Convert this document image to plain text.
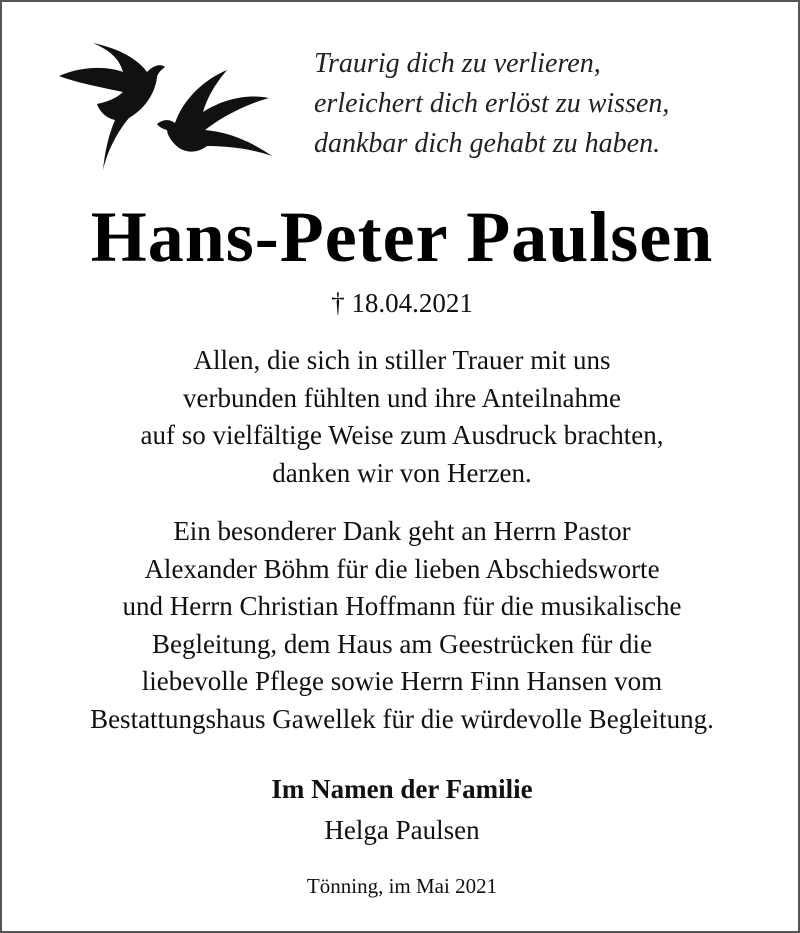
Traurig dich zu verlieren,
erleichert dich erlöst zu wissen,
dankbar dich gehabt zu haben.
Hans-Peter Paulsen
† 18.04.2021
Allen, die sich in stiller Trauer mit uns
verbunden fühlten und ihre Anteilnahme
auf so vielfältige Weise zum Ausdruck brachten,
danken wir von Herzen.
Ein besonderer Dank geht an Herrn Pastor
Alexander Böhm für die lieben Abschiedsworte
und Herrn Christian Hoffmann für die musikalische
Begleitung, dem Haus am Geestrücken für die
liebevolle Pflege sowie Herrn Finn Hansen vom
Bestattungshaus Gawellek für die würdevolle Begleitung.
Im Namen der Familie
Helga Paulsen
Tönning, im Mai 2021
